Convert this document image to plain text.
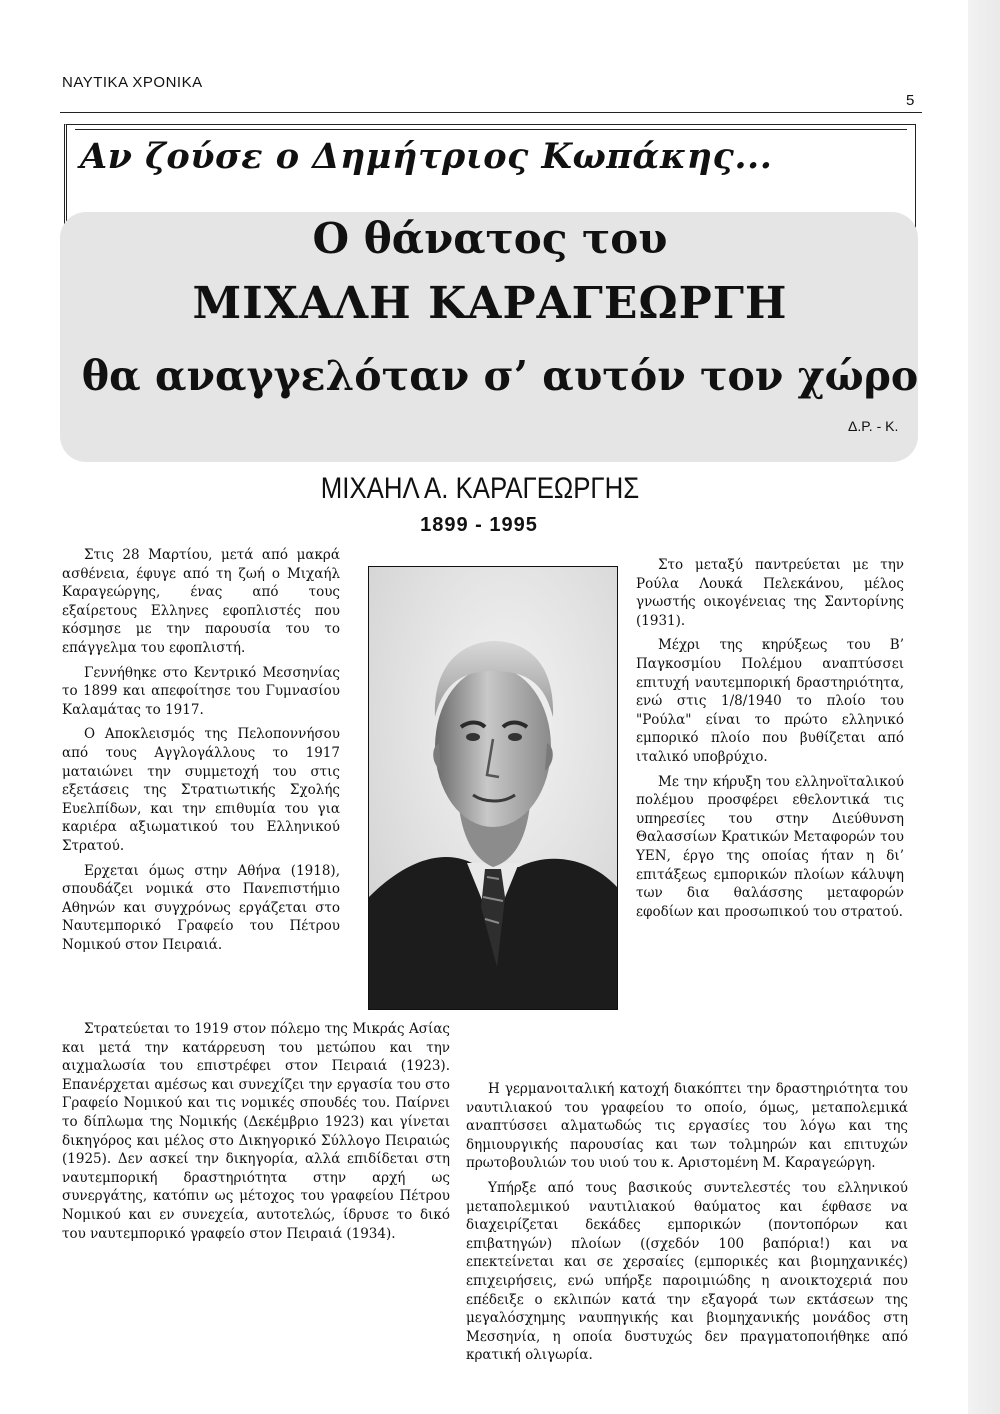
ΝΑΥΤΙΚΑ ΧΡΟΝΙΚΑ
5
Αν ζούσε ο Δημήτριος Κωπάκης...
Ο θάνατος του
ΜΙΧΑΛΗ ΚΑΡΑΓΕΩΡΓΗ
θα αναγγελόταν σ’ αυτόν τον χώρο
Δ.Ρ. - Κ.
ΜΙΧΑΗΛ Α. ΚΑΡΑΓΕΩΡΓΗΣ
1899 - 1995

Στις 28 Μαρτίου, μετά από μακρά ασθένεια, έφυγε από τη ζωή ο Μιχαήλ Καραγεώργης, ένας από τους εξαίρετους Ελληνες εφοπλιστές που κόσμησε με την παρουσία του το επάγγελμα του εφοπλιστή.

Γεννήθηκε στο Κεντρικό Μεσσηνίας το 1899 και απεφοίτησε του Γυμνασίου Καλαμάτας το 1917.

Ο Αποκλεισμός της Πελοποννήσου από τους Αγγλογάλλους το 1917 ματαιώνει την συμμετοχή του στις εξετάσεις της Στρατιωτικής Σχολής Ευελπίδων, και την επιθυμία του για καριέρα αξιωματικού του Ελληνικού Στρατού.

Ερχεται όμως στην Αθήνα (1918), σπουδάζει νομικά στο Πανεπιστήμιο Αθηνών και συγχρόνως εργάζεται στο Ναυτεμπορικό Γραφείο του Πέτρου Νομικού στον Πειραιά.

Στο μεταξύ παντρεύεται με την Ρούλα Λουκά Πελεκάνου, μέλος γνωστής οικογένειας της Σαντορίνης (1931).

Μέχρι της κηρύξεως του Β’ Παγκοσμίου Πολέμου αναπτύσσει επιτυχή ναυτεμπορική δραστηριότητα, ενώ στις 1/8/1940 το πλοίο του "Ρούλα" είναι το πρώτο ελληνικό εμπορικό πλοίο που βυθίζεται από ιταλικό υποβρύχιο.

Με την κήρυξη του ελληνοϊταλικού πολέμου προσφέρει εθελοντικά τις υπηρεσίες του στην Διεύθυνση Θαλασσίων Κρατικών Μεταφορών του ΥΕΝ, έργο της οποίας ήταν η δι’ επιτάξεως εμπορικών πλοίων κάλυψη των δια θαλάσσης μεταφορών εφοδίων και προσωπικού του στρατού.

Στρατεύεται το 1919 στον πόλεμο της Μικράς Ασίας και μετά την κατάρρευση του μετώπου και την αιχμαλωσία του επιστρέφει στον Πειραιά (1923). Επανέρχεται αμέσως και συνεχίζει την εργασία του στο Γραφείο Νομικού και τις νομικές σπουδές του. Παίρνει το δίπλωμα της Νομικής (Δεκέμβριο 1923) και γίνεται δικηγόρος και μέλος στο Δικηγορικό Σύλλογο Πειραιώς (1925). Δεν ασκεί την δικηγορία, αλλά επιδίδεται στη ναυτεμπορική δραστηριότητα στην αρχή ως συνεργάτης, κατόπιν ως μέτοχος του γραφείου Πέτρου Νομικού και εν συνεχεία, αυτοτελώς, ίδρυσε το δικό του ναυτεμπορικό γραφείο στον Πειραιά (1934).

Η γερμανοιταλική κατοχή διακόπτει την δραστηριότητα του ναυτιλιακού του γραφείου το οποίο, όμως, μεταπολεμικά αναπτύσσει αλματωδώς τις εργασίες του λόγω και της δημιουργικής παρουσίας και των τολμηρών και επιτυχών πρωτοβουλιών του υιού του κ. Αριστομένη Μ. Καραγεώργη.

Υπήρξε από τους βασικούς συντελεστές του ελληνικού μεταπολεμικού ναυτιλιακού θαύματος και έφθασε να διαχειρίζεται δεκάδες εμπορικών (ποντοπόρων και επιβατηγών) πλοίων ((σχεδόν 100 βαπόρια!) και να επεκτείνεται και σε χερσαίες (εμπορικές και βιομηχανικές) επιχειρήσεις, ενώ υπήρξε παροιμιώδης η ανοικτοχεριά που επέδειξε ο εκλιπών κατά την εξαγορά των εκτάσεων της μεγαλόσχημης ναυπηγικής και βιομηχανικής μονάδος στη Μεσσηνία, η οποία δυστυχώς δεν πραγματοποιήθηκε από κρατική ολιγωρία.
